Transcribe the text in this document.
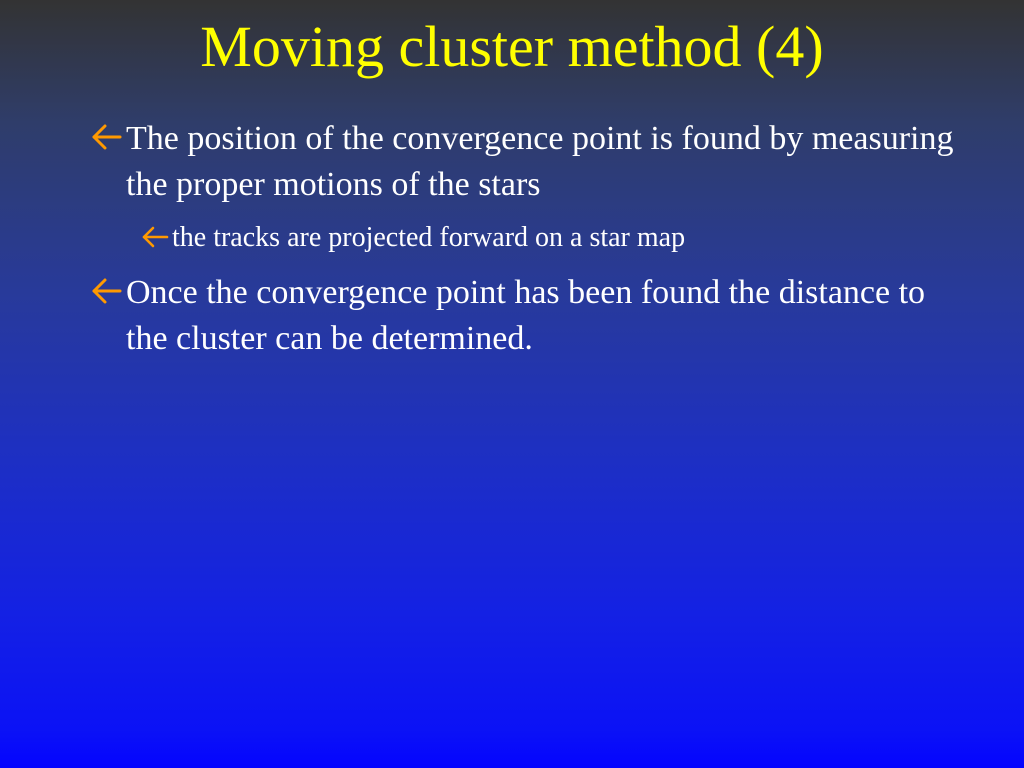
Moving cluster method (4)
The position of the convergence point is found by measuring the proper motions of the stars
the tracks are projected forward on a star map
Once the convergence point has been found the distance to the cluster can be determined.
